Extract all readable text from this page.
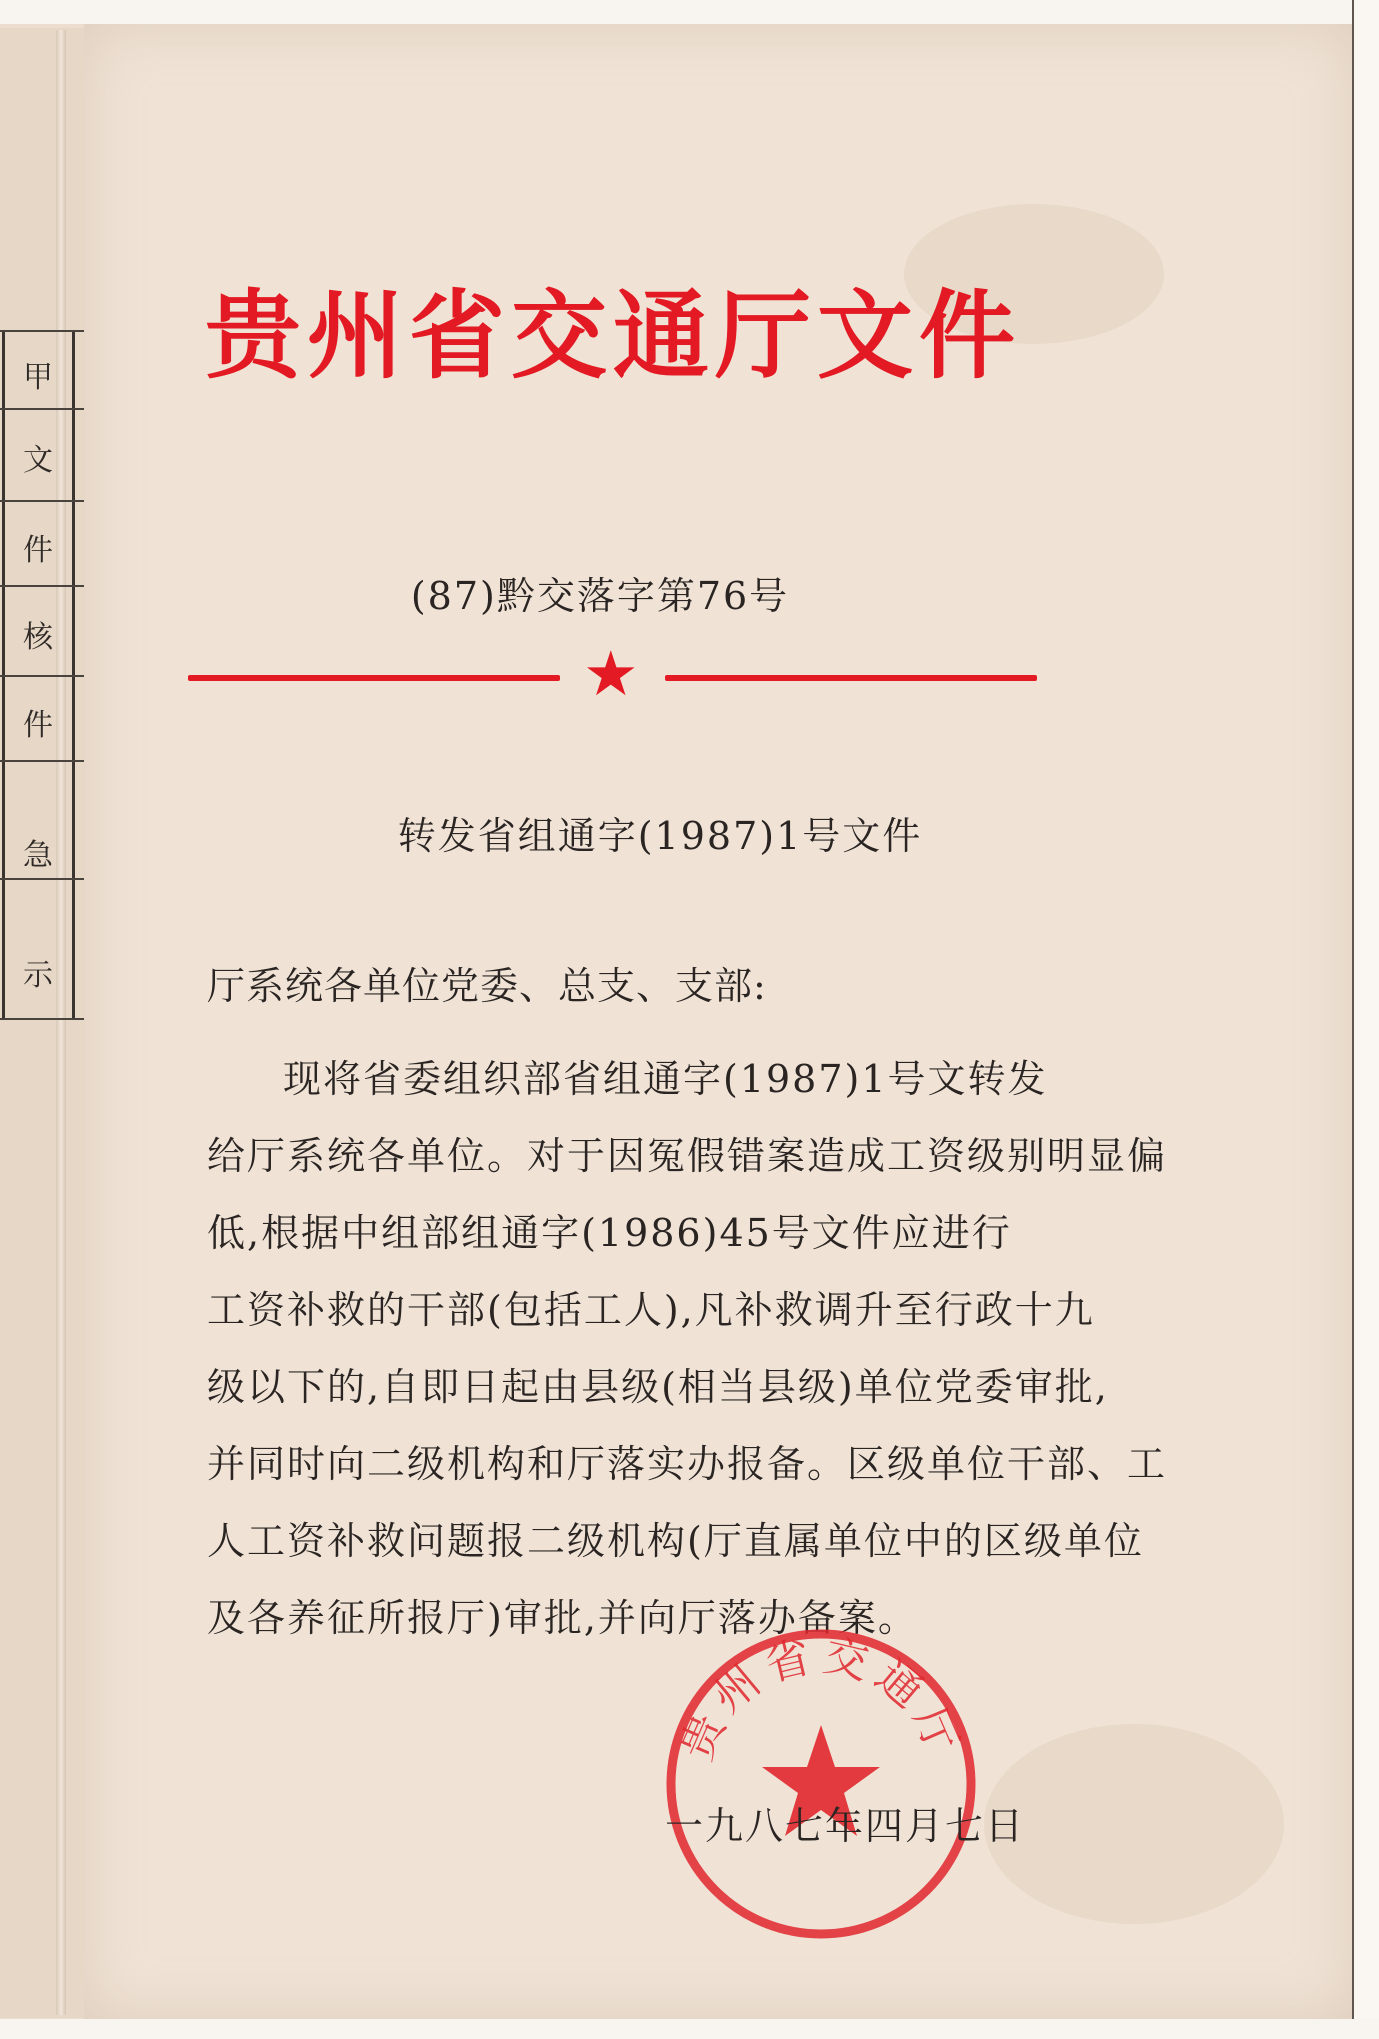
甲
文
件
核
件
急
示
贵州省交通厅文件
(87)黔交落字第76号
★
转发省组通字(1987)1号文件
厅系统各单位党委、总支、支部:
现将省委组织部省组通字(1987)1号文转发
给厅系统各单位。对于因冤假错案造成工资级别明显偏
低,根据中组部组通字(1986)45号文件应进行
工资补救的干部(包括工人),凡补救调升至行政十九
级以下的,自即日起由县级(相当县级)单位党委审批,
并同时向二级机构和厅落实办报备。区级单位干部、工
人工资补救问题报二级机构(厅直属单位中的区级单位
及各养征所报厅)审批,并向厅落办备案。
贵州省交通厅
一九八七年四月七日
